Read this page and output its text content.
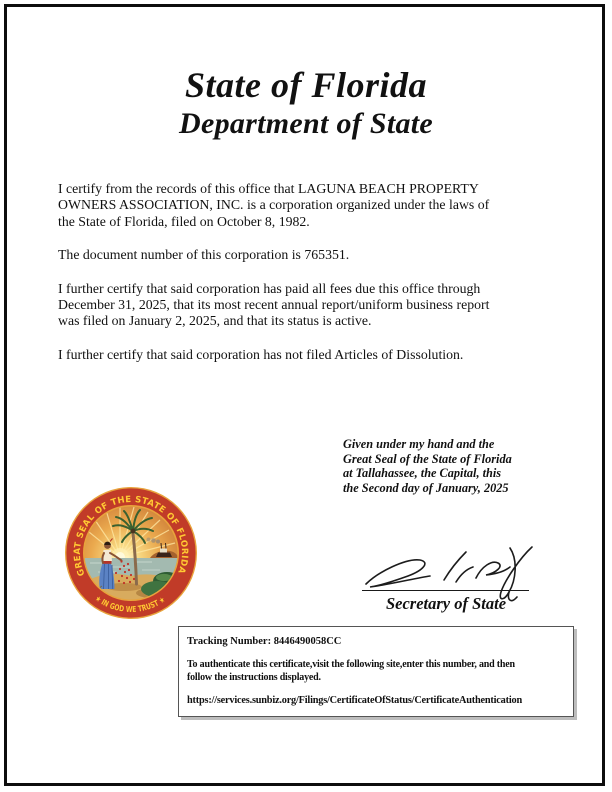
State of Florida
Department of State

I certify from the records of this office that LAGUNA BEACH PROPERTY
OWNERS ASSOCIATION, INC. is a corporation organized under the laws of
the State of Florida, filed on October 8, 1982.

The document number of this corporation is 765351.

I further certify that said corporation has paid all fees due this office through
December 31, 2025, that its most recent annual report/uniform business report
was filed on January 2, 2025, and that its status is active.

I further certify that said corporation has not filed Articles of Dissolution.

Given under my hand and the
Great Seal of the State of Florida
at Tallahassee, the Capital, this
the Second day of January, 2025
GREAT SEAL OF THE STATE OF FLORIDA
★ IN GOD WE TRUST ★	Secretary of State

Tracking Number: 8446490058CC

To authenticate this certificate,visit the following site,enter this number, and then
follow the instructions displayed.

https://services.sunbiz.org/Filings/CertificateOfStatus/CertificateAuthentication
